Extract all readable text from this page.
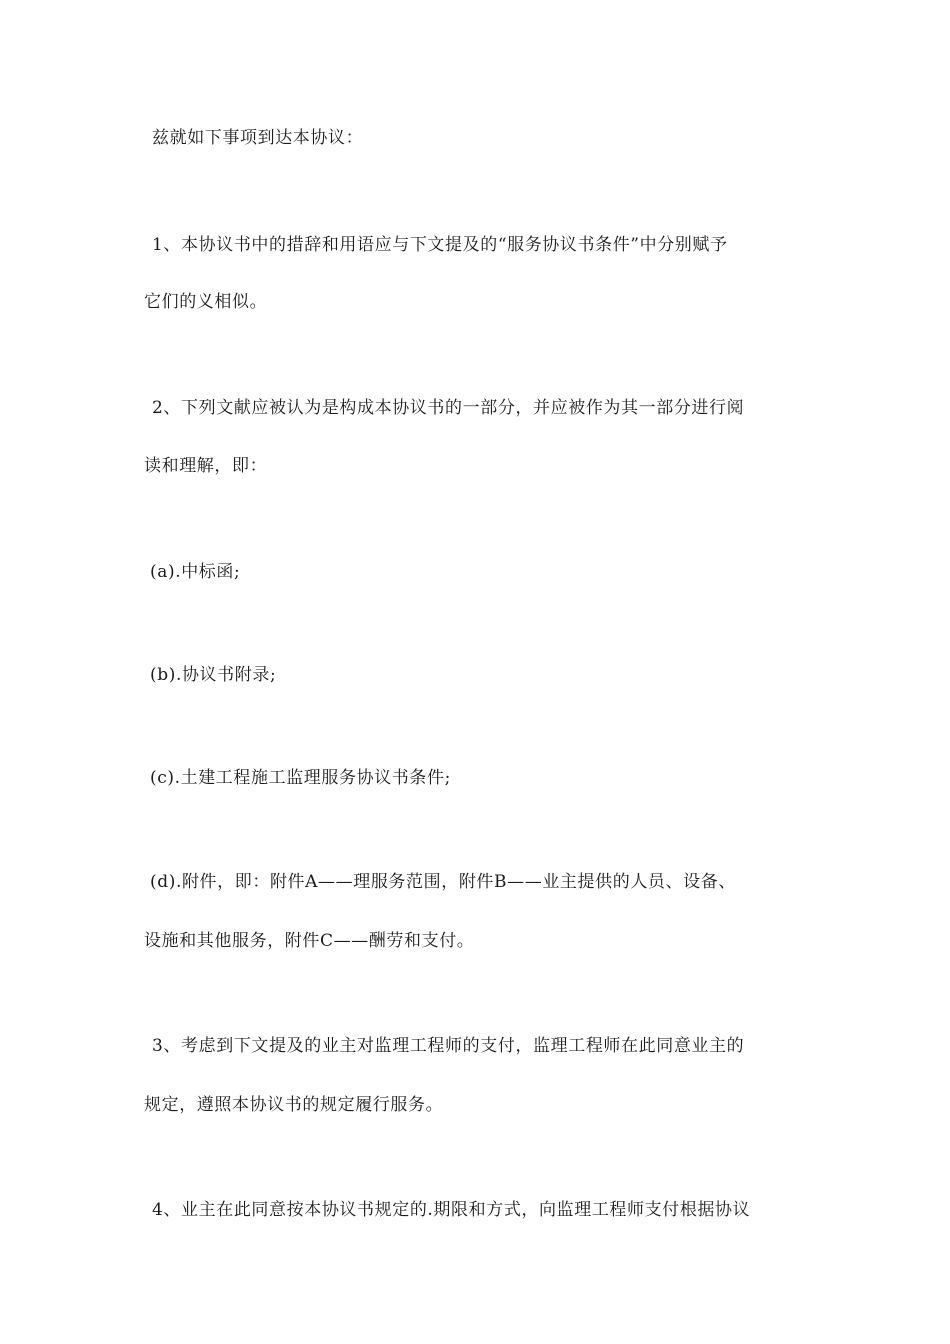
兹就如下事项到达本协议：
1、本协议书中的措辞和用语应与下文提及的“服务协议书条件”中分别赋予
它们的义相似。
2、下列文献应被认为是构成本协议书的一部分，并应被作为其一部分进行阅
读和理解，即：
(a).中标函;
(b).协议书附录;
(c).土建工程施工监理服务协议书条件;
(d).附件，即：附件A——理服务范围，附件B——业主提供的人员、设备、
设施和其他服务，附件C——酬劳和支付。
3、考虑到下文提及的业主对监理工程师的支付，监理工程师在此同意业主的
规定，遵照本协议书的规定履行服务。
4、业主在此同意按本协议书规定的.期限和方式，向监理工程师支付根据协议
